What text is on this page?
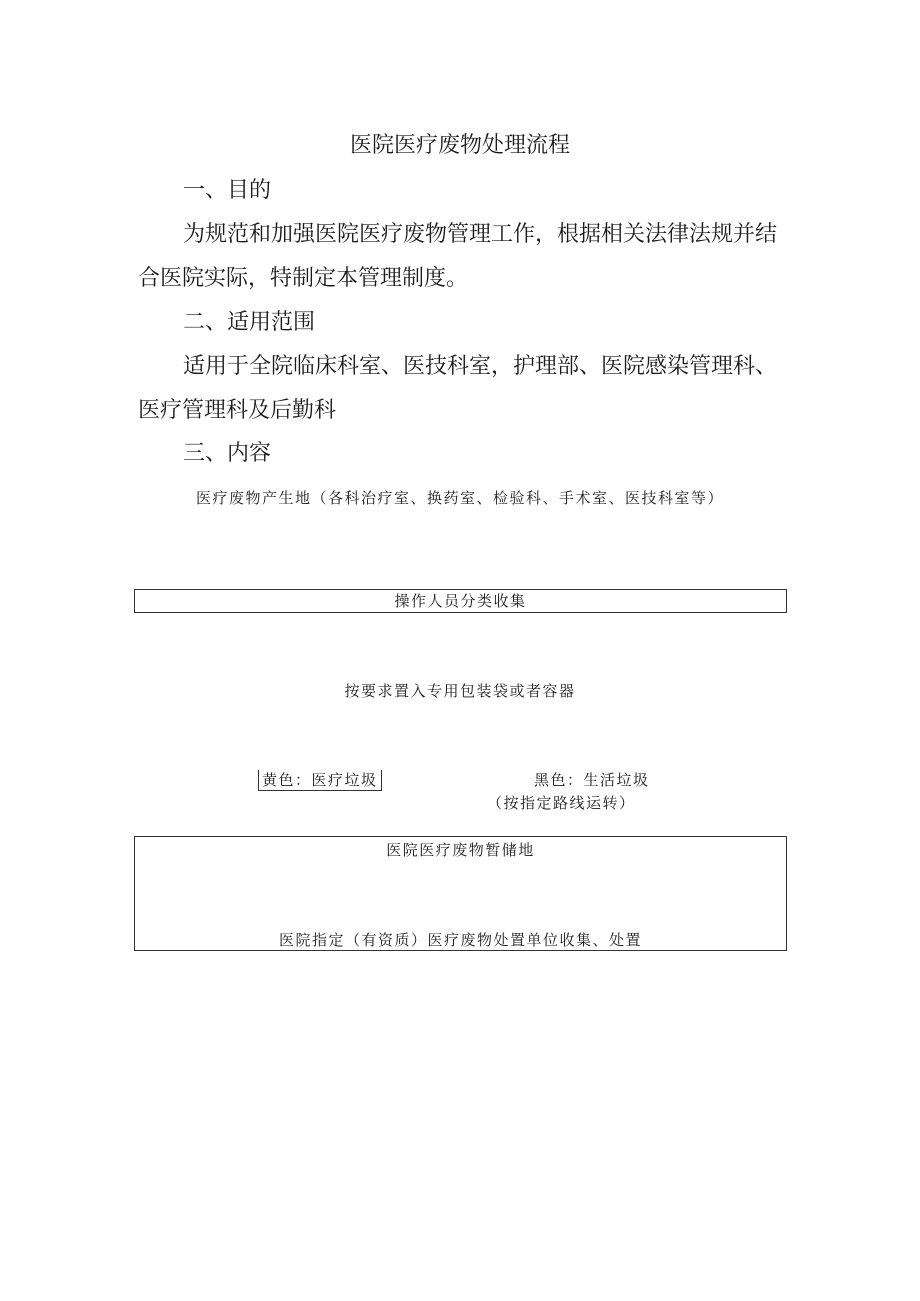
医院医疗废物处理流程
一、目的
为规范和加强医院医疗废物管理工作，根据相关法律法规并结
合医院实际，特制定本管理制度。
二、适用范围
适用于全院临床科室、医技科室，护理部、医院感染管理科、
医疗管理科及后勤科
三、内容
医疗废物产生地（各科治疗室、换药室、检验科、手术室、医技科室等）
操作人员分类收集
按要求置入专用包装袋或者容器
黄色：医疗垃圾	黑色：生活垃圾
（按指定路线运转）
医院医疗废物暂储地
医院指定（有资质）医疗废物处置单位收集、处置
